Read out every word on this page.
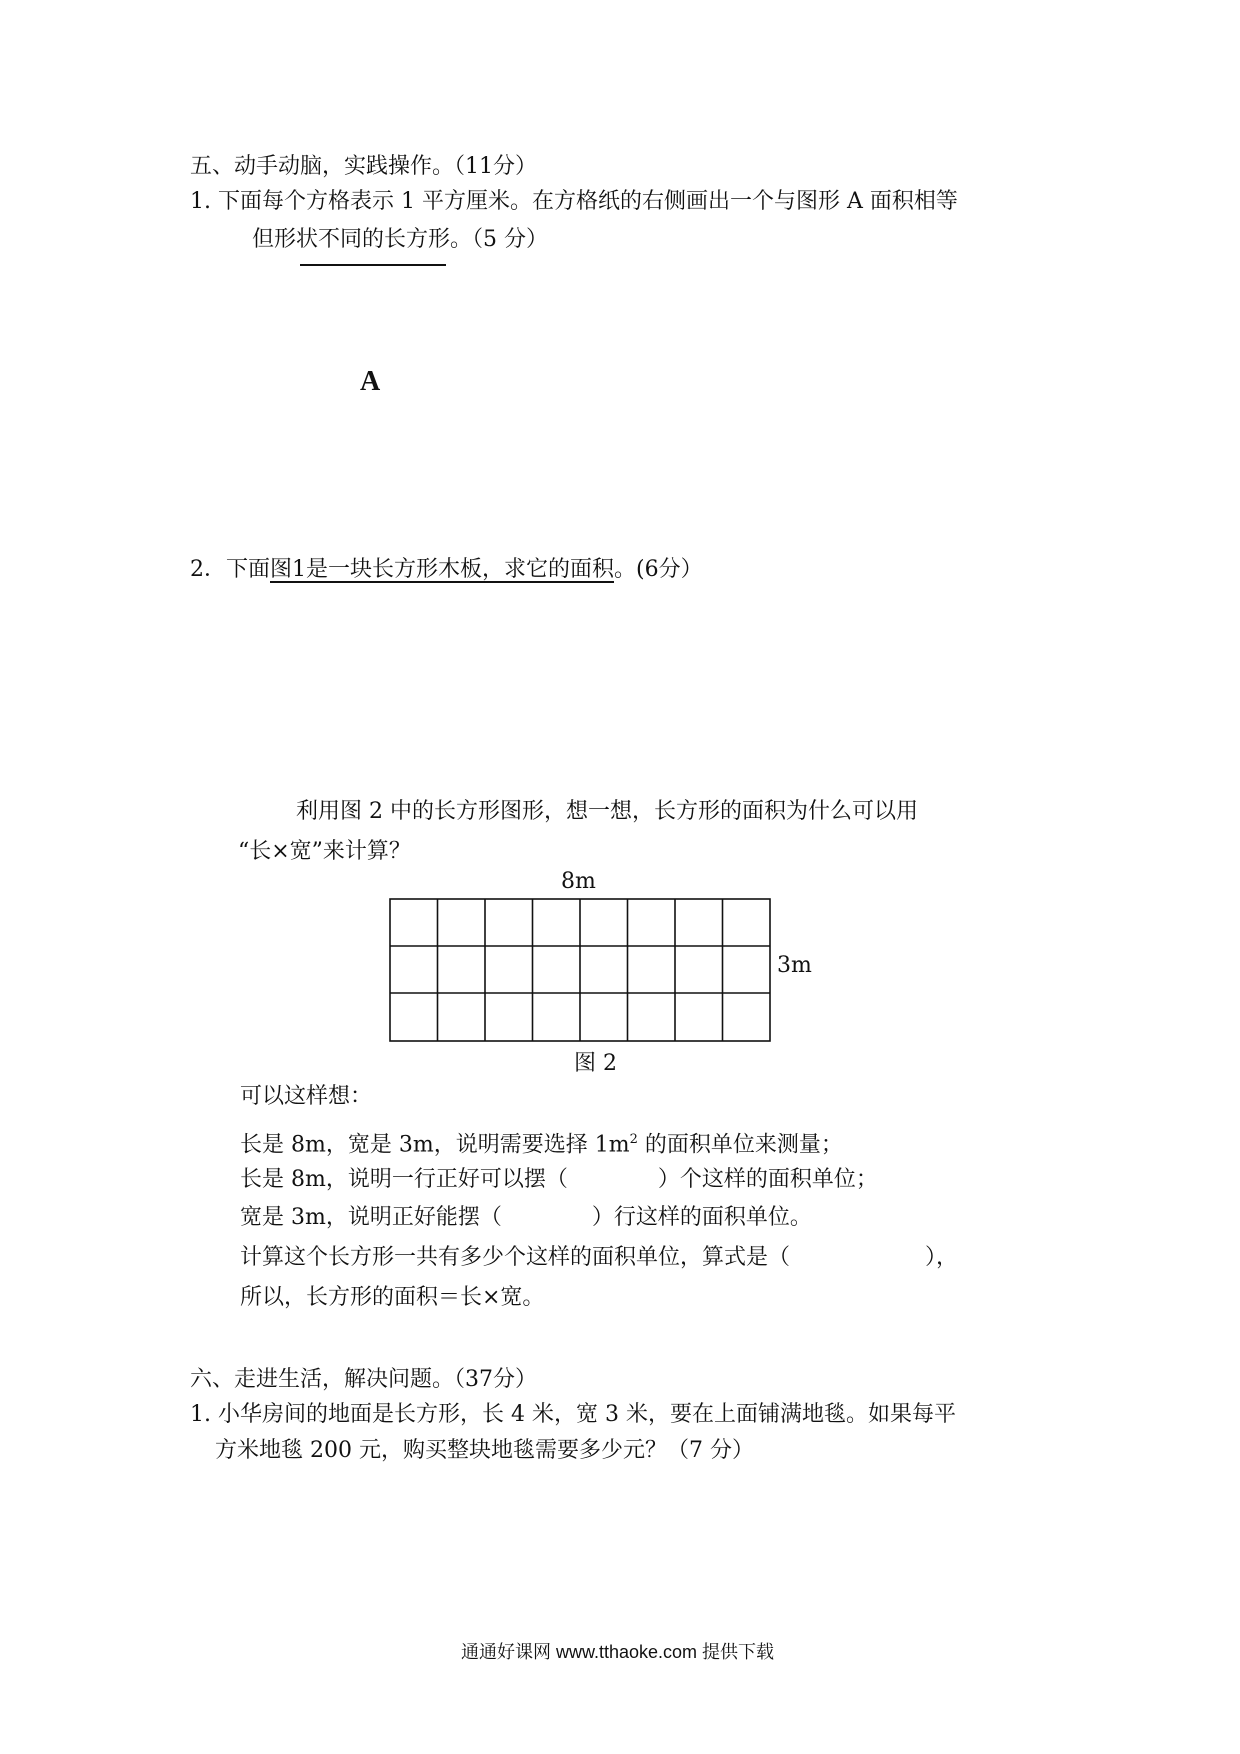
五、动手动脑，实践操作。（11分）
1. 下面每个方格表示 1 平方厘米。在方格纸的右侧画出一个与图形 A 面积相等
但形状不同的长方形。（5 分）
A
2．下面图1是一块长方形木板，求它的面积。(6分）
利用图 2 中的长方形图形，想一想，长方形的面积为什么可以用
“长×宽”来计算？
8m
3m
图 2
可以这样想：
长是 8m，宽是 3m，说明需要选择 $1m^2$ 的面积单位来测量；
长是 8m，说明一行正好可以摆（	）个这样的面积单位；
宽是 3m，说明正好能摆（	）行这样的面积单位。
计算这个长方形一共有多少个这样的面积单位，算式是（	），
所以，长方形的面积＝长×宽。
六、走进生活，解决问题。（37分）
1. 小华房间的地面是长方形，长 4 米，宽 3 米，要在上面铺满地毯。如果每平
方米地毯 200 元，购买整块地毯需要多少元？（7 分）
通通好课网 www.tthaoke.com 提供下载
